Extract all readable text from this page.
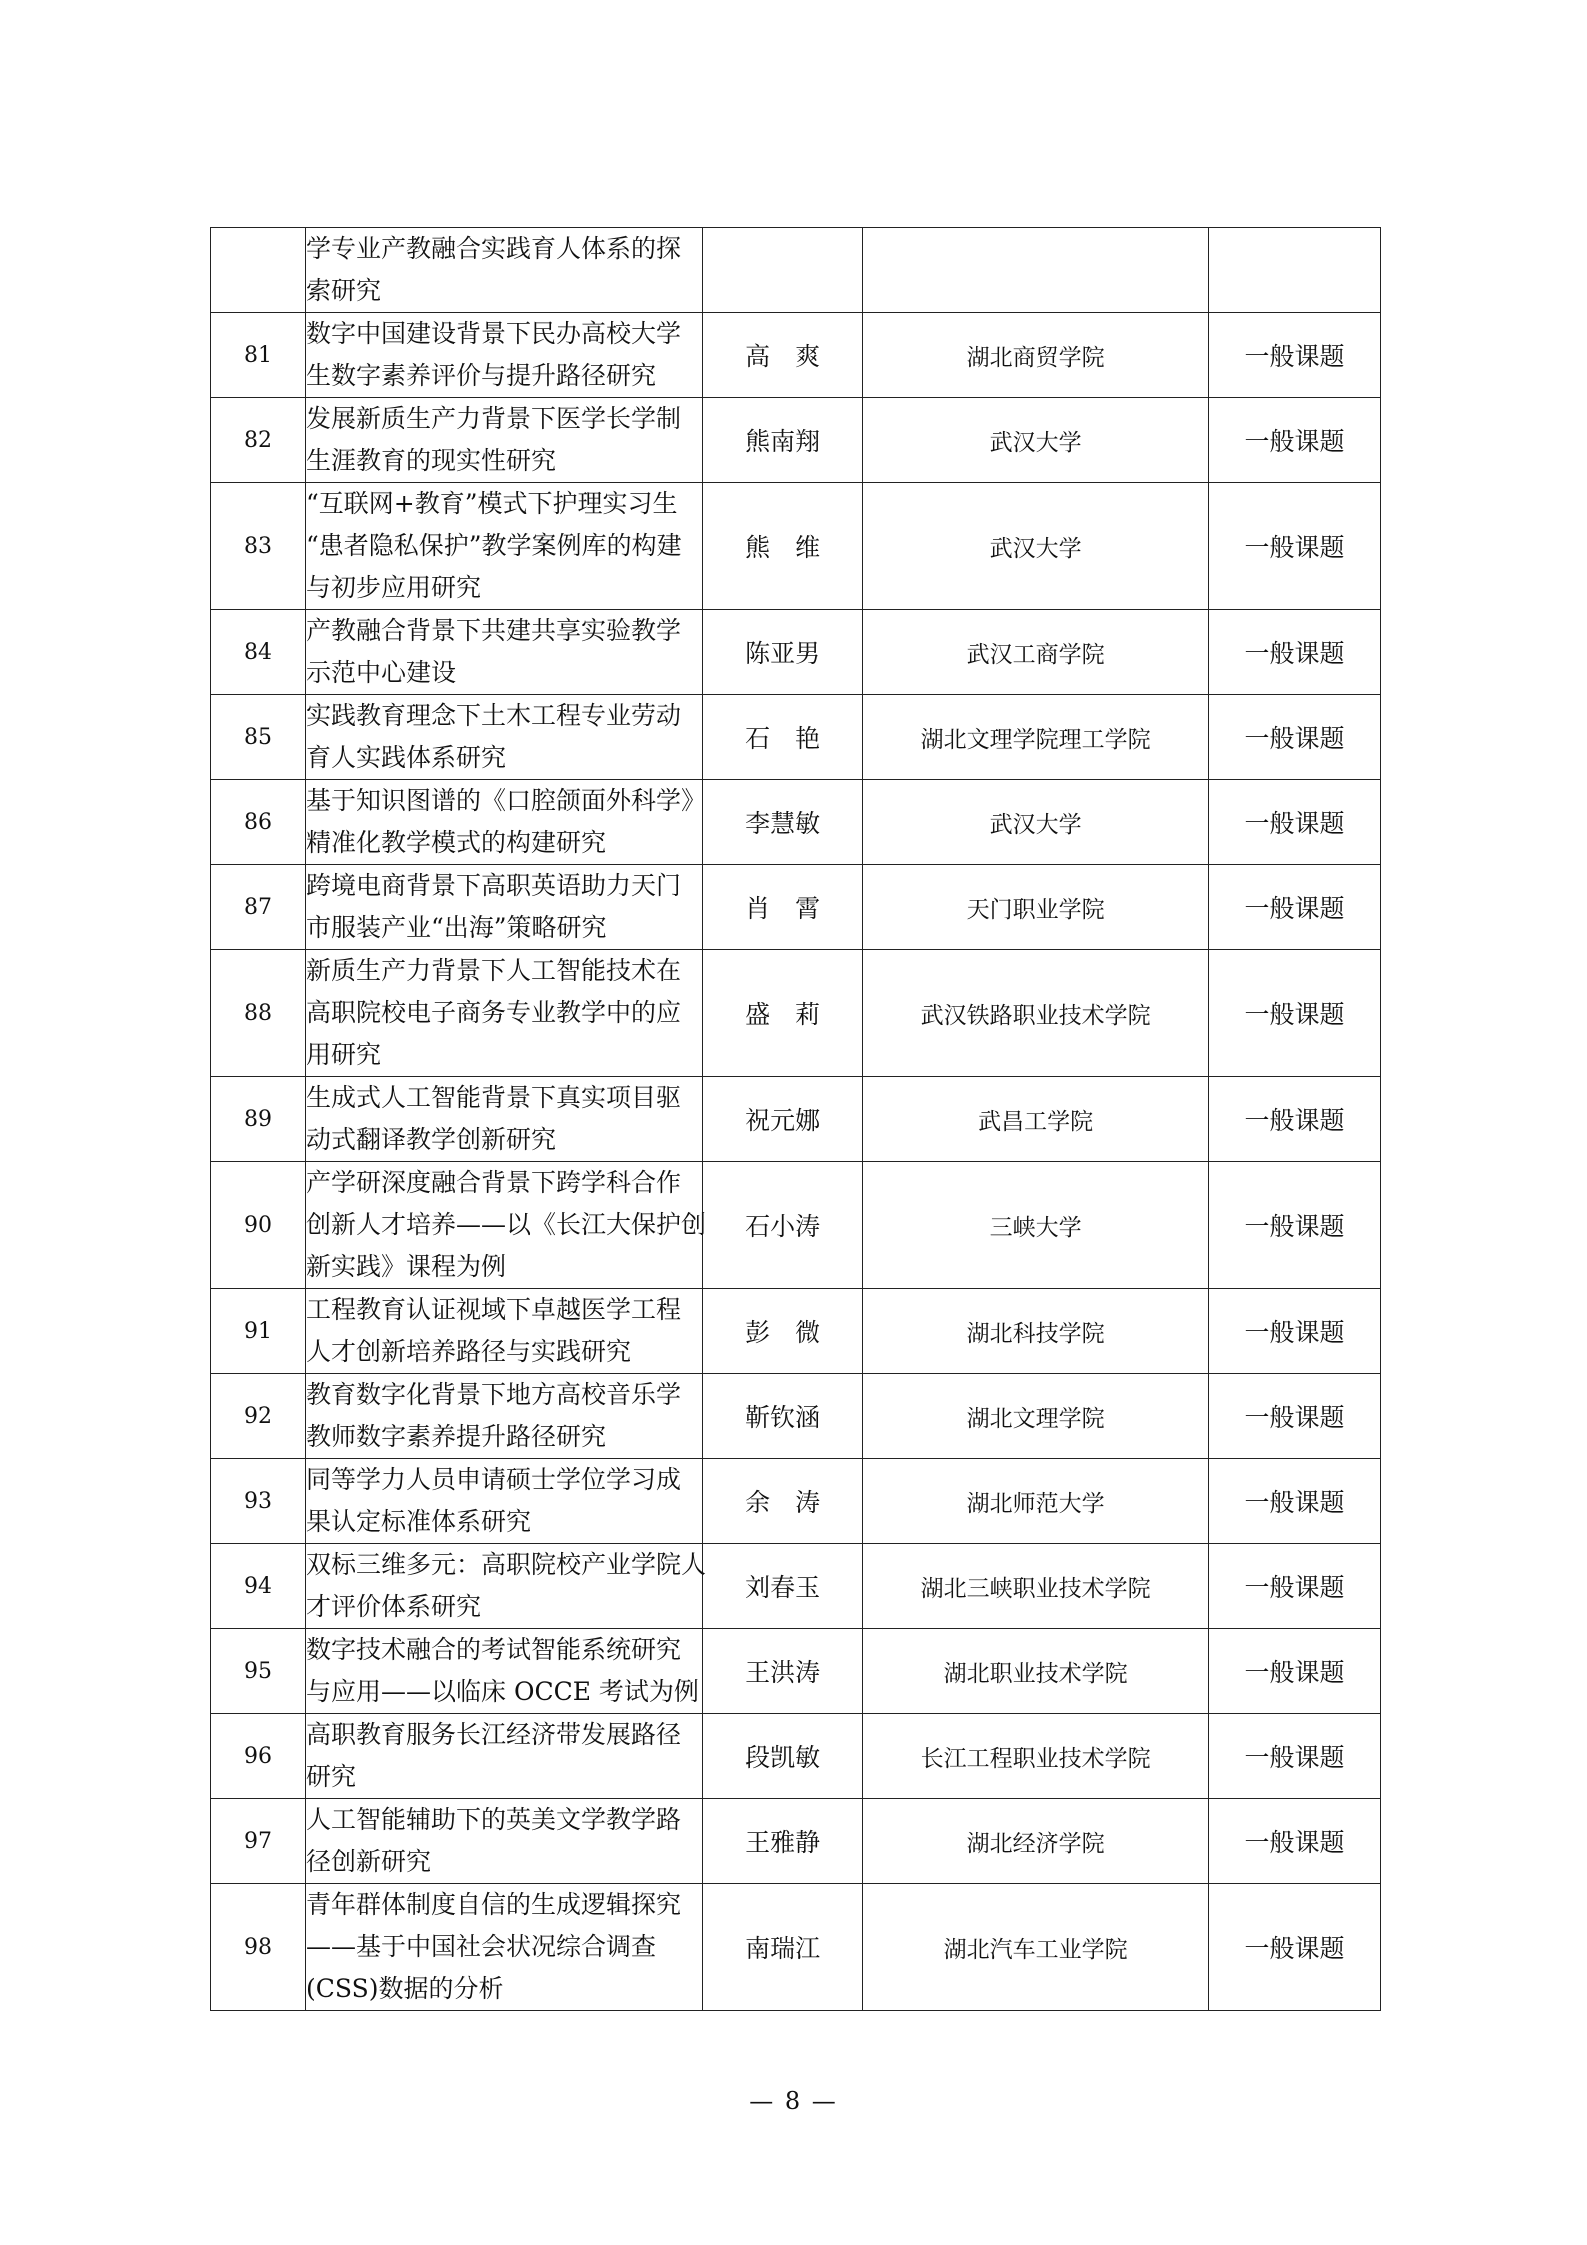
	学专业产教融合实践育人体系的探
索研究			

81	数字中国建设背景下民办高校大学
生数字素养评价与提升路径研究	高　爽	湖北商贸学院	一般课题
82	发展新质生产力背景下医学长学制
生涯教育的现实性研究	熊南翔	武汉大学	一般课题
83	“互联网+教育”模式下护理实习生
“患者隐私保护”教学案例库的构建
与初步应用研究	熊　维	武汉大学	一般课题
84	产教融合背景下共建共享实验教学
示范中心建设	陈亚男	武汉工商学院	一般课题
85	实践教育理念下土木工程专业劳动
育人实践体系研究	石　艳	湖北文理学院理工学院	一般课题
86	基于知识图谱的《口腔颌面外科学》
精准化教学模式的构建研究	李慧敏	武汉大学	一般课题
87	跨境电商背景下高职英语助力天门
市服装产业“出海”策略研究	肖　霄	天门职业学院	一般课题
88	新质生产力背景下人工智能技术在
高职院校电子商务专业教学中的应
用研究	盛　莉	武汉铁路职业技术学院	一般课题
89	生成式人工智能背景下真实项目驱
动式翻译教学创新研究	祝元娜	武昌工学院	一般课题
90	产学研深度融合背景下跨学科合作
创新人才培养——以《长江大保护创
新实践》课程为例	石小涛	三峡大学	一般课题
91	工程教育认证视域下卓越医学工程
人才创新培养路径与实践研究	彭　微	湖北科技学院	一般课题
92	教育数字化背景下地方高校音乐学
教师数字素养提升路径研究	靳钦涵	湖北文理学院	一般课题
93	同等学力人员申请硕士学位学习成
果认定标准体系研究	余　涛	湖北师范大学	一般课题
94	双标三维多元：高职院校产业学院人
才评价体系研究	刘春玉	湖北三峡职业技术学院	一般课题
95	数字技术融合的考试智能系统研究
与应用——以临床 OCCE 考试为例	王洪涛	湖北职业技术学院	一般课题
96	高职教育服务长江经济带发展路径
研究	段凯敏	长江工程职业技术学院	一般课题
97	人工智能辅助下的英美文学教学路
径创新研究	王雅静	湖北经济学院	一般课题
98	青年群体制度自信的生成逻辑探究
——基于中国社会状况综合调查
(CSS)数据的分析	南瑞江	湖北汽车工业学院	一般课题
— 8 —
